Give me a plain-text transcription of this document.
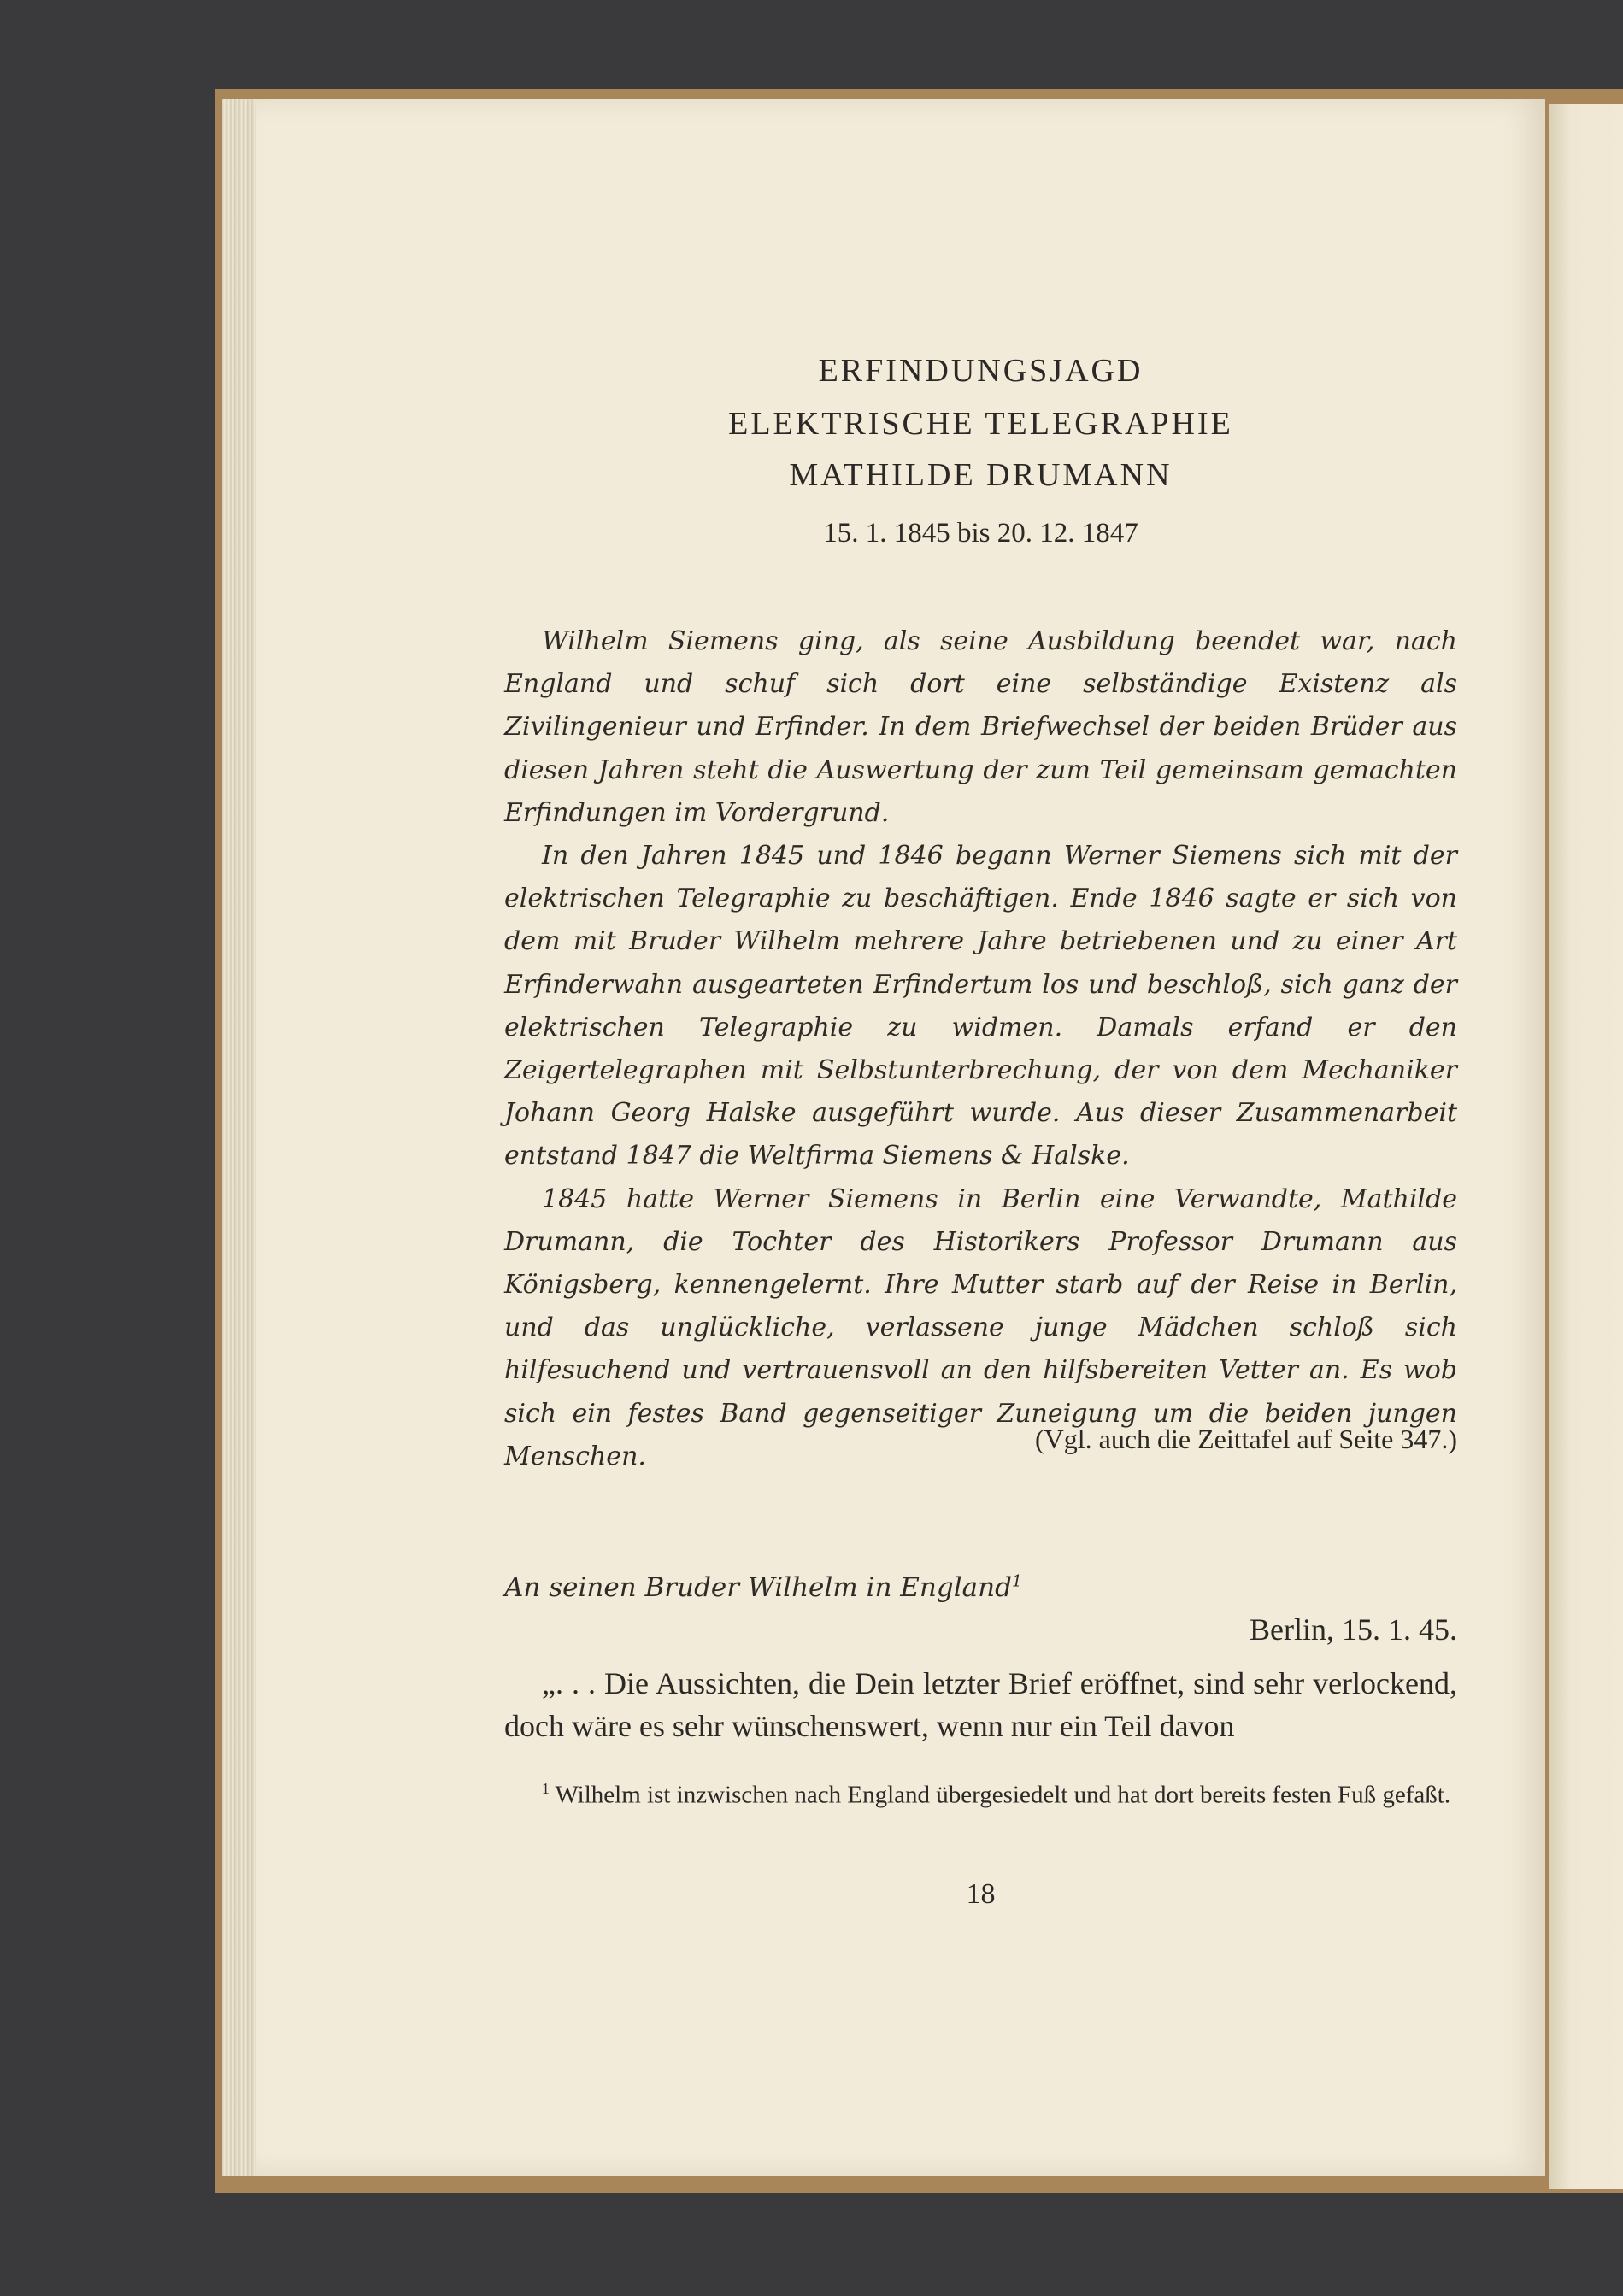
ERFINDUNGSJAGD
ELEKTRISCHE TELEGRAPHIE
MATHILDE DRUMANN
15. 1. 1845 bis 20. 12. 1847

Wilhelm Siemens ging, als seine Ausbildung beendet war, nach England und schuf sich dort eine selbständige Existenz als Zivilingenieur und Erfinder. In dem Briefwechsel der beiden Brüder aus diesen Jahren steht die Auswertung der zum Teil gemeinsam gemachten Erfindungen im Vordergrund.

In den Jahren 1845 und 1846 begann Werner Siemens sich mit der elektrischen Telegraphie zu beschäftigen. Ende 1846 sagte er sich von dem mit Bruder Wilhelm mehrere Jahre betriebenen und zu einer Art Erfinderwahn ausgearteten Erfindertum los und beschloß, sich ganz der elektrischen Telegraphie zu widmen. Damals erfand er den Zeigertelegraphen mit Selbstunterbrechung, der von dem Mechaniker Johann Georg Halske ausgeführt wurde. Aus dieser Zusammenarbeit entstand 1847 die Weltfirma Siemens & Halske.

1845 hatte Werner Siemens in Berlin eine Verwandte, Mathilde Drumann, die Tochter des Historikers Professor Drumann aus Königsberg, kennengelernt. Ihre Mutter starb auf der Reise in Berlin, und das unglückliche, verlassene junge Mädchen schloß sich hilfesuchend und vertrauensvoll an den hilfsbereiten Vetter an. Es wob sich ein festes Band gegenseitiger Zuneigung um die beiden jungen Menschen.

(Vgl. auch die Zeittafel auf Seite 347.)
An seinen Bruder Wilhelm in England$^1$
Berlin, 15. 1. 45.

„. . . Die Aussichten, die Dein letzter Brief eröffnet, sind sehr verlockend, doch wäre es sehr wünschenswert, wenn nur ein Teil davon

$^1$ Wilhelm ist inzwischen nach England übergesiedelt und hat dort bereits festen Fuß gefaßt.

18
